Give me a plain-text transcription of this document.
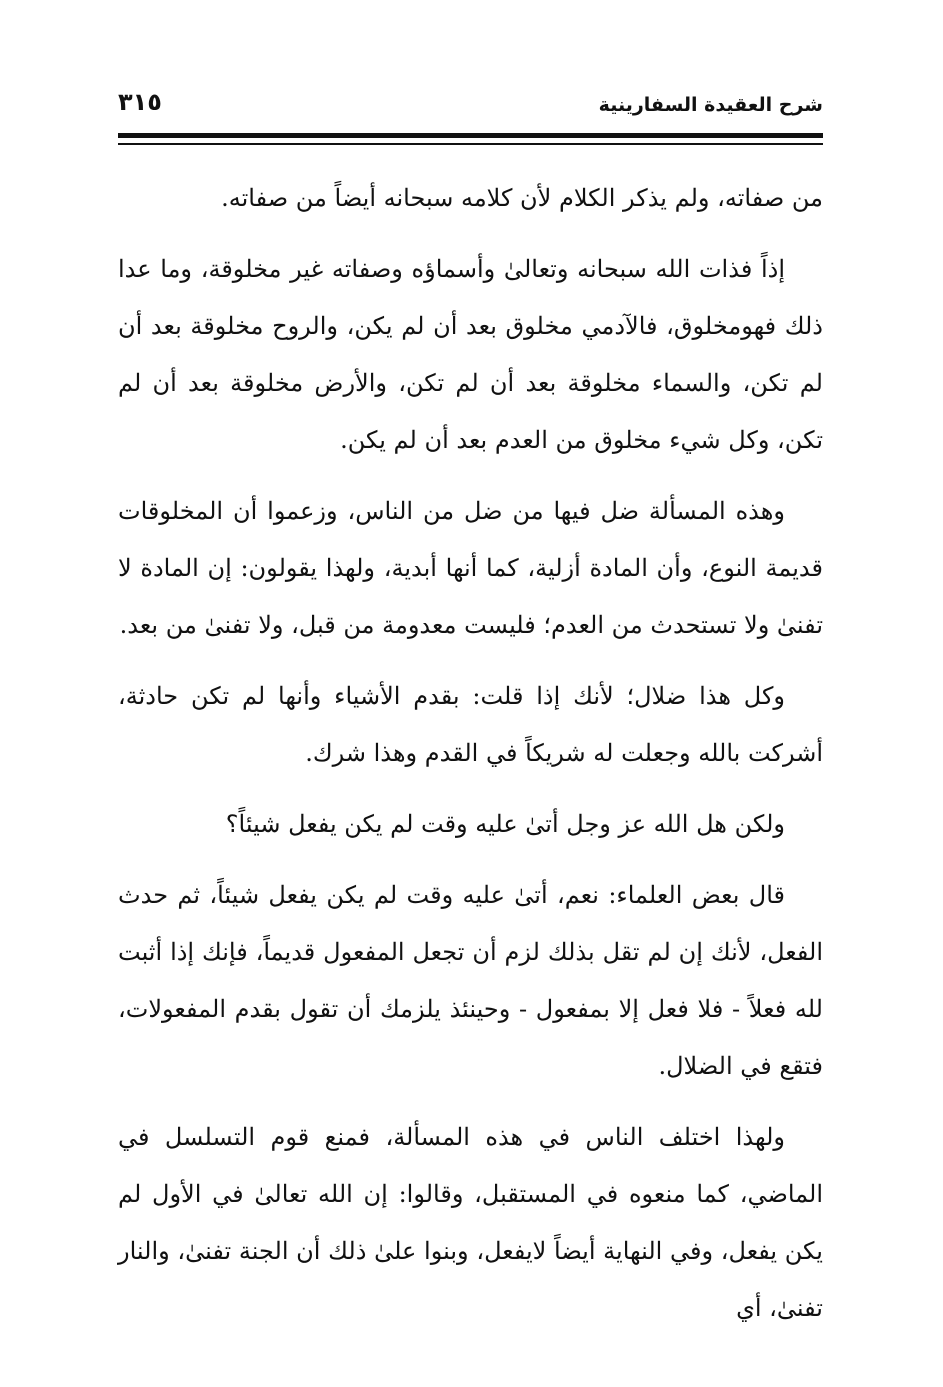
شرح العقيدة السفارينية
٣١٥

من صفاته، ولم يذكر الكلام لأن كلامه سبحانه أيضاً من صفاته.

إذاً فذات الله سبحانه وتعالىٰ وأسماؤه وصفاته غير مخلوقة، وما عدا ذلك فهومخلوق، فالآدمي مخلوق بعد أن لم يكن، والروح مخلوقة بعد أن لم تكن، والسماء مخلوقة بعد أن لم تكن، والأرض مخلوقة بعد أن لم تكن، وكل شيء مخلوق من العدم بعد أن لم يكن.

وهذه المسألة ضل فيها من ضل من الناس، وزعموا أن المخلوقات قديمة النوع، وأن المادة أزلية، كما أنها أبدية، ولهذا يقولون: إن المادة لا تفنىٰ ولا تستحدث من العدم؛ فليست معدومة من قبل، ولا تفنىٰ من بعد.

وكل هذا ضلال؛ لأنك إذا قلت: بقدم الأشياء وأنها لم تكن حادثة، أشركت بالله وجعلت له شريكاً في القدم وهذا شرك.

ولكن هل الله عز وجل أتىٰ عليه وقت لم يكن يفعل شيئاً؟

قال بعض العلماء: نعم، أتىٰ عليه وقت لم يكن يفعل شيئاً، ثم حدث الفعل، لأنك إن لم تقل بذلك لزم أن تجعل المفعول قديماً، فإنك إذا أثبت لله فعلاً - فلا فعل إلا بمفعول - وحينئذ يلزمك أن تقول بقدم المفعولات، فتقع في الضلال.

ولهذا اختلف الناس في هذه المسألة، فمنع قوم التسلسل في الماضي، كما منعوه في المستقبل، وقالوا: إن الله تعالىٰ في الأول لم يكن يفعل، وفي النهاية أيضاً لايفعل، وبنوا علىٰ ذلك أن الجنة تفنىٰ، والنار تفنىٰ، أي
